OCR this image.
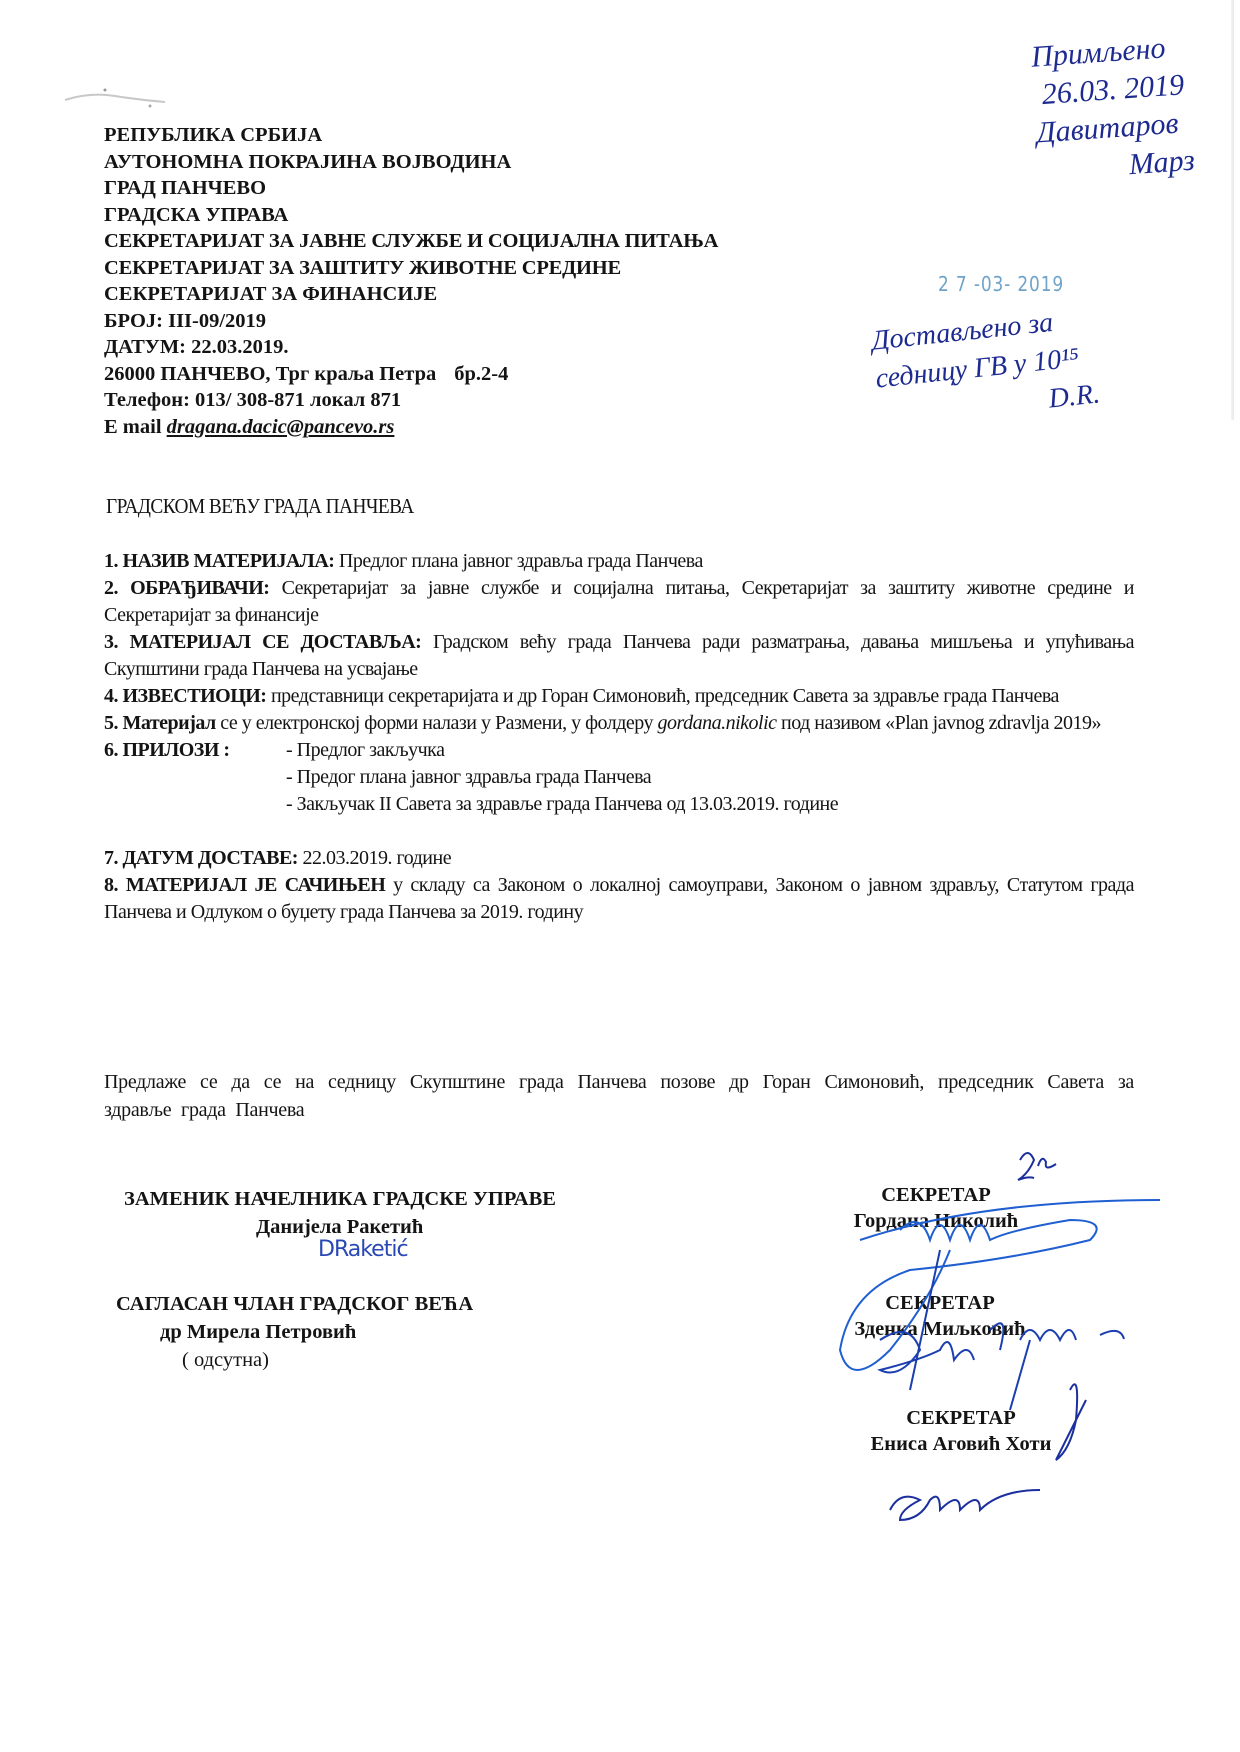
РЕПУБЛИКА СРБИЈА
АУТОНОМНА ПОКРАЈИНА ВОЈВОДИНА
ГРАД ПАНЧЕВО
ГРАДСКА УПРАВА
СЕКРЕТАРИЈАТ ЗА ЈАВНЕ СЛУЖБЕ И СОЦИЈАЛНА ПИТАЊА
СЕКРЕТАРИЈАТ ЗА ЗАШТИТУ ЖИВОТНЕ СРЕДИНЕ
СЕКРЕТАРИЈАТ ЗА ФИНАНСИЈЕ
БРОЈ: III-09/2019
ДАТУМ: 22.03.2019.
26000 ПАНЧЕВО, Трг краља Петра бр.2-4
Телефон: 013/ 308-871 локал 871
E mail dragana.dacic@pancevo.rs
Примљено
26.03. 2019
Давитаров
Марз
2 7 -03- 2019
Достављено за
седницу ГВ у 10¹⁵
D.R.
ГРАДСКОМ ВЕЋУ ГРАДА ПАНЧЕВА
1. НАЗИВ МАТЕРИЈАЛА: Предлог плана јавног здравља града Панчева
2. ОБРАЂИВАЧИ: Секретаријат за јавне службе и социјална питања, Секретаријат за заштиту животне средине и Секретаријат за финансије
3. МАТЕРИЈАЛ СЕ ДОСТАВЉА: Градском већу града Панчева ради разматрања, давања мишљења и упућивања Скупштини града Панчева на усвајање
4. ИЗВЕСТИОЦИ: представници секретаријата и др Горан Симоновић, председник Савета за здравље града Панчева
5. Материјал се у електронској форми налази у Размени, у фолдеру gordana.nikolic под називом «Plan javnog zdravlja 2019»
6. ПРИЛОЗИ :	- Предлог закључка
- Предог плана јавног здравља града Панчева
- Закључак II Савета за здравље града Панчева од 13.03.2019. године
7. ДАТУМ ДОСТАВЕ: 22.03.2019. године
8. МАТЕРИЈАЛ ЈЕ САЧИЊЕН у складу са Законом о локалној самоуправи, Законом о јавном здрављу, Статутом града Панчева и Одлуком о буџету града Панчева за 2019. годину
Предлаже се да се на седницу Скупштине града Панчева позове др Горан Симоновић, председник Савета за здравље града Панчева
ЗАМЕНИК НАЧЕЛНИКА ГРАДСКЕ УПРАВЕ
Данијела Ракетић
DRaketić
САГЛАСАН ЧЛАН ГРАДСКОГ ВЕЋА
др Мирела Петровић
( одсутна)
СЕКРЕТАР
Гордана Николић
СЕКРЕТАР
Зденка Миљковић
СЕКРЕТАР
Ениса Аговић Хоти
